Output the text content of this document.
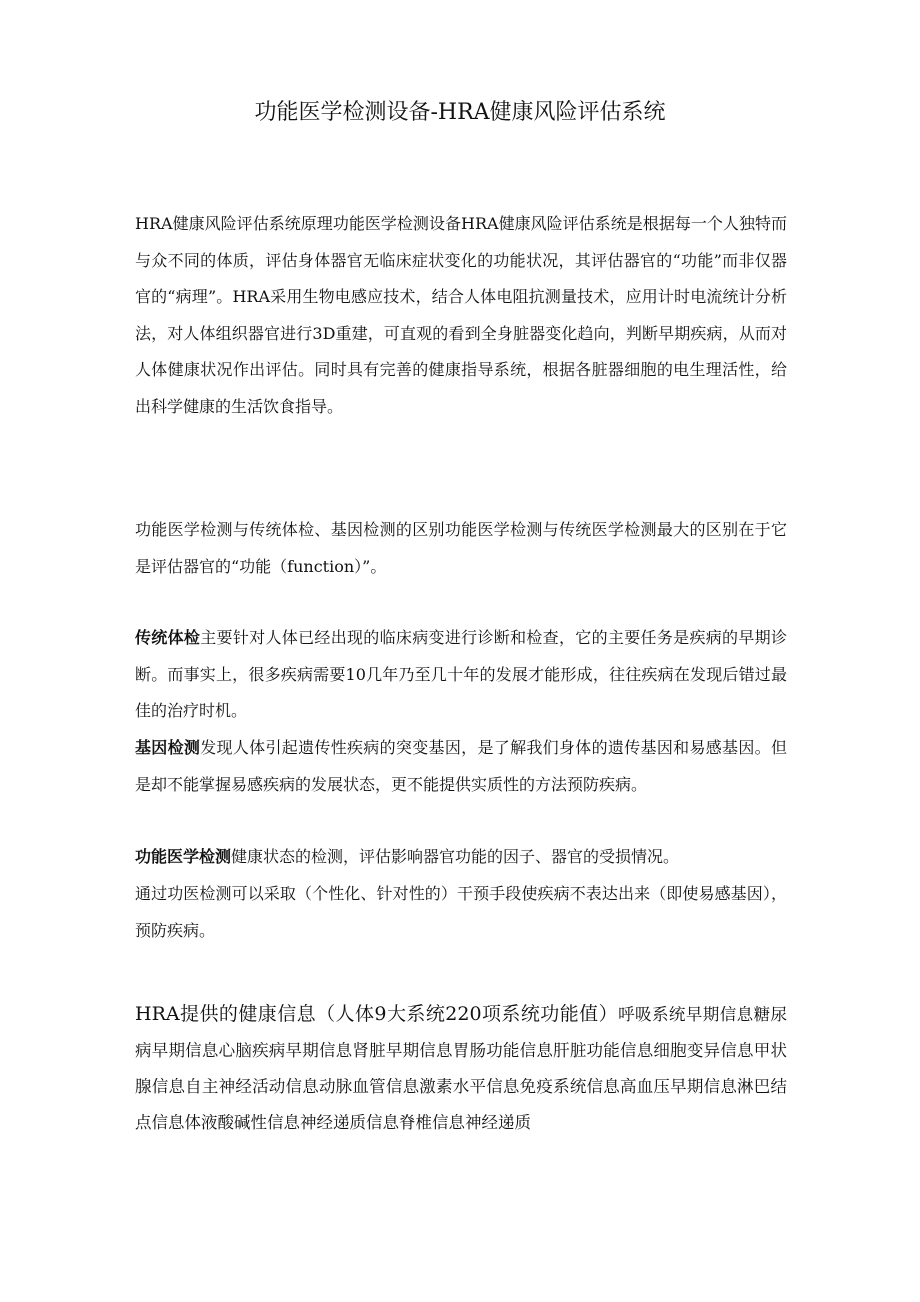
功能医学检测设备-HRA健康风险评估系统

HRA健康风险评估系统原理功能医学检测设备HRA健康风险评估系统是根据每一个人独特而与众不同的体质，评估身体器官无临床症状变化的功能状况，其评估器官的“功能”而非仅器官的“病理”。HRA采用生物电感应技术，结合人体电阻抗测量技术，应用计时电流统计分析法，对人体组织器官进行3D重建，可直观的看到全身脏器变化趋向，判断早期疾病，从而对人体健康状况作出评估。同时具有完善的健康指导系统，根据各脏器细胞的电生理活性，给出科学健康的生活饮食指导。

功能医学检测与传统体检、基因检测的区别功能医学检测与传统医学检测最大的区别在于它是评估器官的“功能（function）”。

传统体检主要针对人体已经出现的临床病变进行诊断和检查，它的主要任务是疾病的早期诊断。而事实上，很多疾病需要10几年乃至几十年的发展才能形成，往往疾病在发现后错过最佳的治疗时机。

基因检测发现人体引起遗传性疾病的突变基因，是了解我们身体的遗传基因和易感基因。但是却不能掌握易感疾病的发展状态，更不能提供实质性的方法预防疾病。

功能医学检测健康状态的检测，评估影响器官功能的因子、器官的受损情况。

通过功医检测可以采取（个性化、针对性的）干预手段使疾病不表达出来（即使易感基因），预防疾病。

HRA提供的健康信息（人体9大系统220项系统功能值）呼吸系统早期信息糖尿病早期信息心脑疾病早期信息肾脏早期信息胃肠功能信息肝脏功能信息细胞变异信息甲状腺信息自主神经活动信息动脉血管信息激素水平信息免疫系统信息高血压早期信息淋巴结点信息体液酸碱性信息神经递质信息脊椎信息神经递质
